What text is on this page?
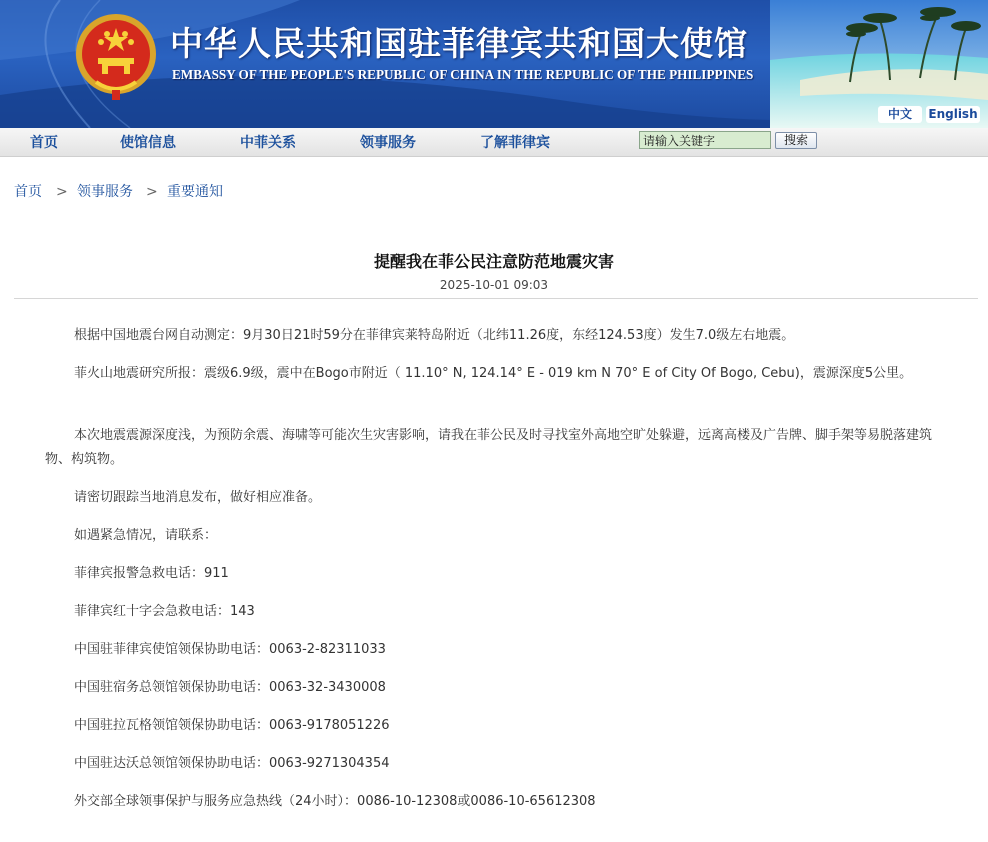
中华人民共和国驻菲律宾共和国大使馆
EMBASSY OF THE PEOPLE'S REPUBLIC OF CHINA IN THE REPUBLIC OF THE PHILIPPINES
中文	English
首页	使馆信息	中菲关系	领事服务	了解菲律宾
请输入关键字	搜索
首页 > 领事服务 > 重要通知
提醒我在菲公民注意防范地震灾害
2025-10-01 09:03
根据中国地震台网自动测定：9月30日21时59分在菲律宾莱特岛附近（北纬11.26度，东经124.53度）发生7.0级左右地震。
菲火山地震研究所报：震级6.9级，震中在Bogo市附近（ 11.10° N, 124.14° E - 019 km N 70° E of City Of Bogo, Cebu)，震源深度5公里。
本次地震震源深度浅，为预防余震、海啸等可能次生灾害影响，请我在菲公民及时寻找室外高地空旷处躲避，远离高楼及广告牌、脚手架等易脱落建筑物、构筑物。
请密切跟踪当地消息发布，做好相应准备。
如遇紧急情况，请联系：
菲律宾报警急救电话：911
菲律宾红十字会急救电话：143
中国驻菲律宾使馆领保协助电话：0063-2-82311033
中国驻宿务总领馆领保协助电话：0063-32-3430008
中国驻拉瓦格领馆领保协助电话：0063-9178051226
中国驻达沃总领馆领保协助电话：0063-9271304354
外交部全球领事保护与服务应急热线（24小时）：0086-10-12308或0086-10-65612308
